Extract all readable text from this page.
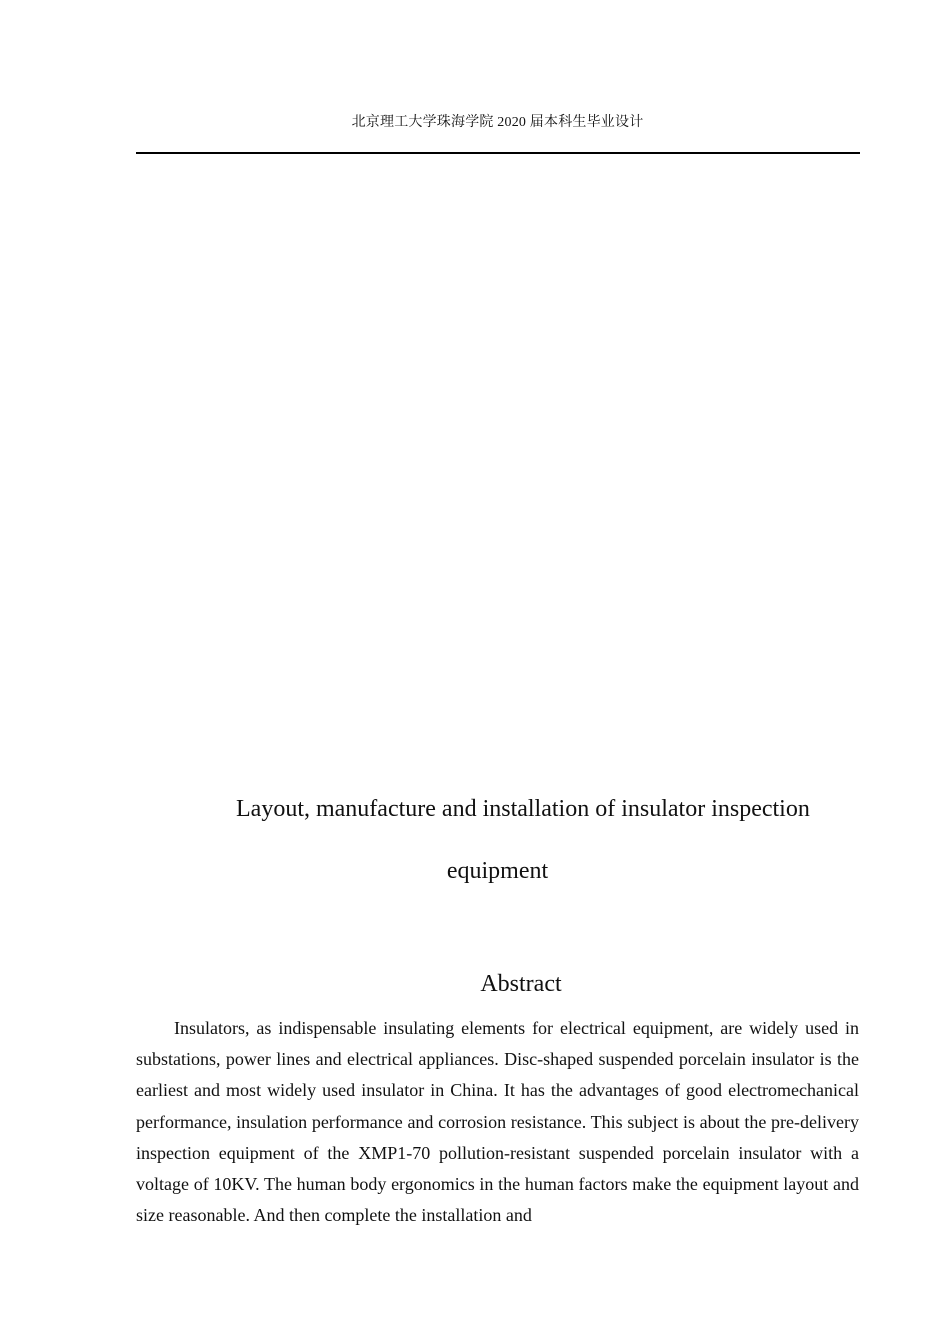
北京理工大学珠海学院 2020 届本科生毕业设计
Layout, manufacture and installation of insulator inspection
equipment
Abstract

Insulators, as indispensable insulating elements for electrical equipment, are widely used in substations, power lines and electrical appliances. Disc-shaped suspended porcelain insulator is the earliest and most widely used insulator in China. It has the advantages of good electromechanical performance, insulation performance and corrosion resistance. This subject is about the pre-delivery inspection equipment of the XMP1-70 pollution-resistant suspended porcelain insulator with a voltage of 10KV. The human body ergonomics in the human factors make the equipment layout and size reasonable. And then complete the installation and
